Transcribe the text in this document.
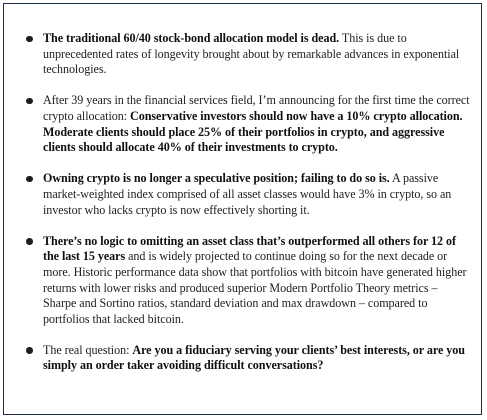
The traditional 60/40 stock-bond allocation model is dead. This is due to unprecedented rates of longevity brought about by remarkable advances in exponential technologies.
After 39 years in the financial services field, I’m announcing for the first time the correct crypto allocation: Conservative investors should now have a 10% crypto allocation. Moderate clients should place 25% of their portfolios in crypto, and aggressive clients should allocate 40% of their investments to crypto.
Owning crypto is no longer a speculative position; failing to do so is. A passive market-weighted index comprised of all asset classes would have 3% in crypto, so an investor who lacks crypto is now effectively shorting it.
There’s no logic to omitting an asset class that’s outperformed all others for 12 of the last 15 years and is widely projected to continue doing so for the next decade or more. Historic performance data show that portfolios with bitcoin have generated higher returns with lower risks and produced superior Modern Portfolio Theory metrics – Sharpe and Sortino ratios, standard deviation and max drawdown – compared to portfolios that lacked bitcoin.
The real question: Are you a fiduciary serving your clients’ best interests, or are you simply an order taker avoiding difficult conversations?
